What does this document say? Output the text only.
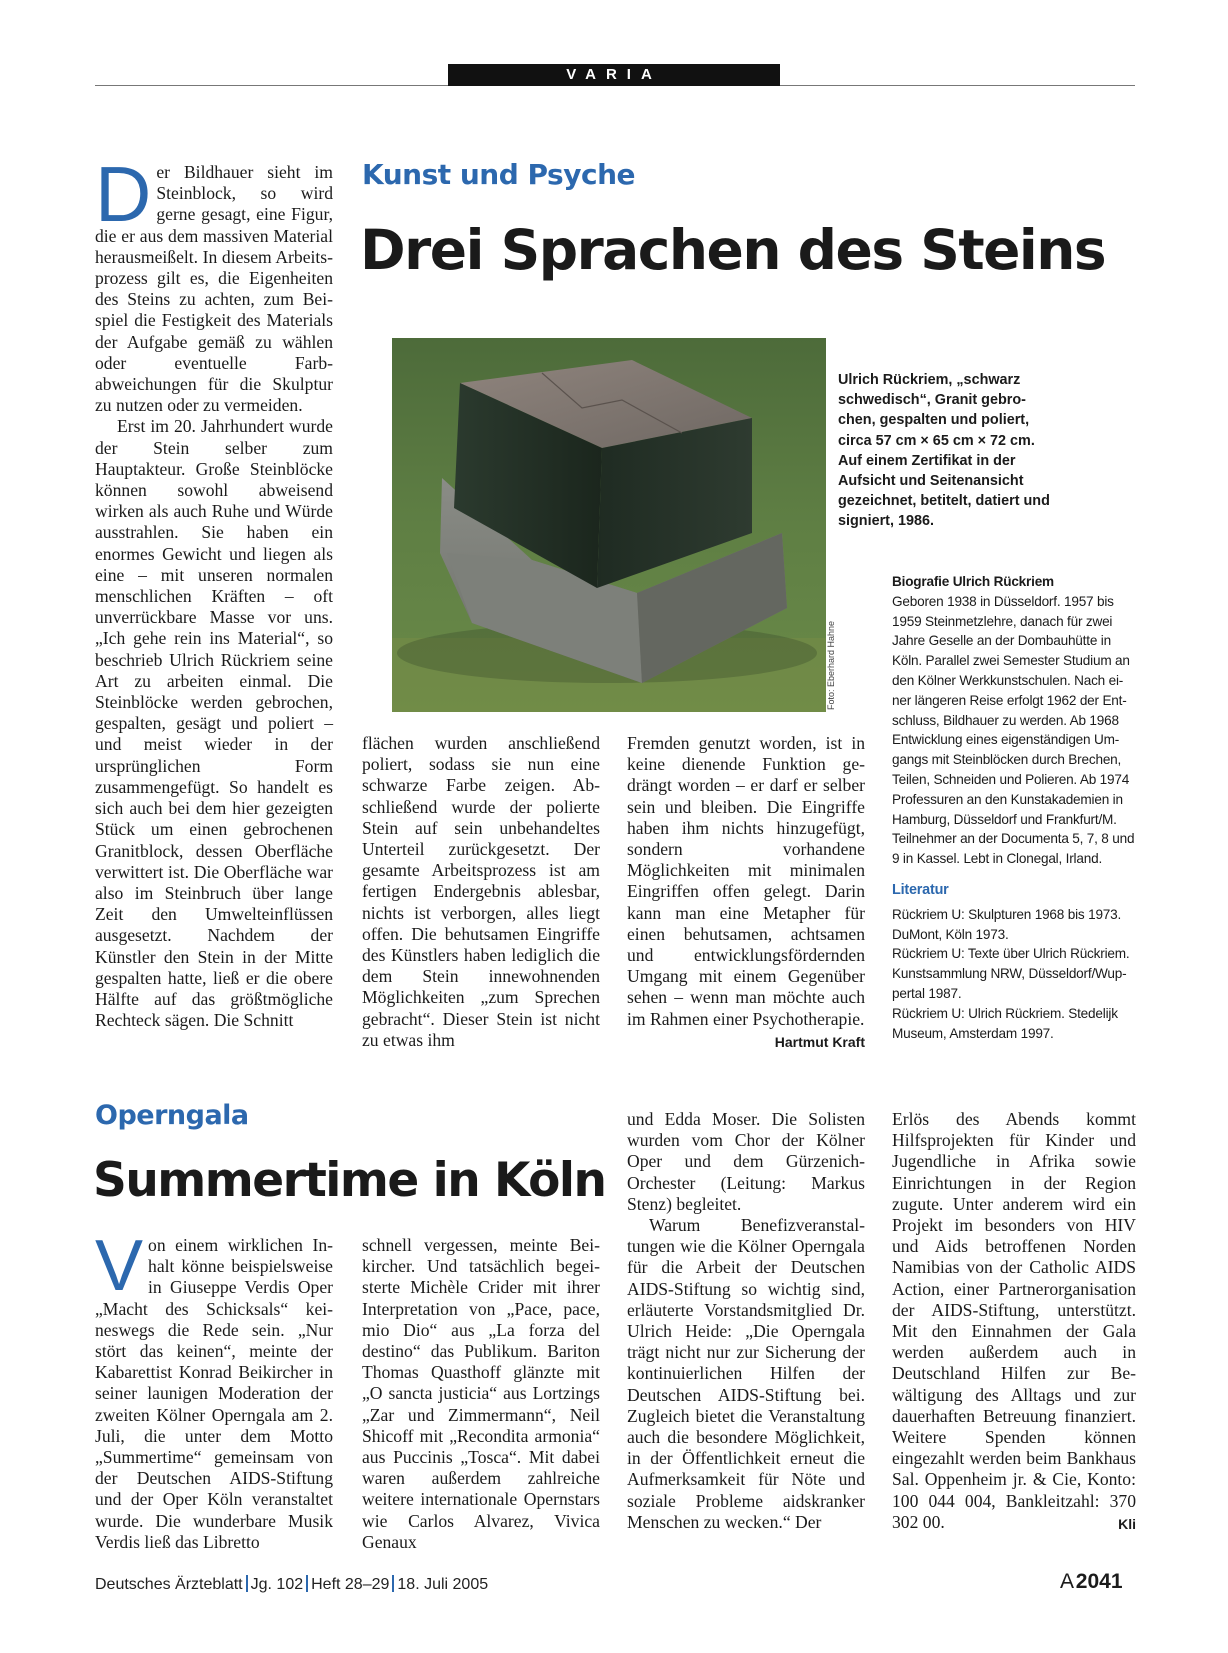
VARIA

Der Bildhauer sieht im Steinblock, so wird gerne gesagt, eine Figur, die er aus dem massiven Material herausmeißelt. In diesem Arbeitsprozess gilt es, die Eigenheiten des Steins zu achten, zum Beispiel die Festigkeit des Materials der Aufgabe gemäß zu wählen oder eventuelle Farbabweichungen für die Skulptur zu nutzen oder zu vermeiden.

Erst im 20. Jahrhundert wurde der Stein selber zum Hauptakteur. Große Steinblöcke können sowohl abweisend wirken als auch Ruhe und Würde ausstrahlen. Sie haben ein enormes Gewicht und liegen als eine – mit unseren normalen menschlichen Kräften – oft unverrückbare Masse vor uns. „Ich gehe rein ins Material“, so beschrieb Ulrich Rückriem seine Art zu arbeiten einmal. Die Steinblöcke werden gebrochen, gespalten, gesägt und poliert – und meist wieder in der ursprünglichen Form zusammengefügt. So handelt es sich auch bei dem hier gezeigten Stück um einen gebrochenen Granitblock, dessen Oberfläche verwittert ist. Die Oberfläche war also im Steinbruch über lange Zeit den Umwelteinflüssen ausgesetzt. Nachdem der Künstler den Stein in der Mitte gespalten hatte, ließ er die obere Hälfte auf das größtmögliche Rechteck sägen. Die Schnitt

Kunst und Psyche
Drei Sprachen des Steins
Foto: Eberhard Hahne
Ulrich Rückriem, „schwarz schwedisch“, Granit gebrochen, gespalten und poliert, circa 57 cm × 65 cm × 72 cm. Auf einem Zertifikat in der Aufsicht und Seitenansicht gezeichnet, betitelt, datiert und signiert, 1986.

flächen wurden anschließend poliert, sodass sie nun eine schwarze Farbe zeigen. Abschließend wurde der polierte Stein auf sein unbehandeltes Unterteil zurückgesetzt. Der gesamte Arbeitsprozess ist am fertigen Endergebnis ablesbar, nichts ist verborgen, alles liegt offen. Die behutsamen Eingriffe des Künstlers haben lediglich die dem Stein innewohnenden Möglichkeiten „zum Sprechen gebracht“. Dieser Stein ist nicht zu etwas ihm

Fremden genutzt worden, ist in keine dienende Funktion gedrängt worden – er darf er selber sein und bleiben. Die Eingriffe haben ihm nichts hinzugefügt, sondern vorhandene Möglichkeiten mit minimalen Eingriffen offen gelegt. Darin kann man eine Metapher für einen behutsamen, achtsamen und entwicklungsfördernden Umgang mit einem Gegenüber sehen – wenn man möchte auch im Rahmen einer Psychotherapie.
Hartmut Kraft

Biografie Ulrich Rückriem
Geboren 1938 in Düsseldorf. 1957 bis 1959 Steinmetzlehre, danach für zwei Jahre Geselle an der Dombauhütte in Köln. Parallel zwei Semester Studium an den Kölner Werkkunstschulen. Nach einer längeren Reise erfolgt 1962 der Entschluss, Bildhauer zu werden. Ab 1968 Entwicklung eines eigenständigen Umgangs mit Steinblöcken durch Brechen, Teilen, Schneiden und Polieren. Ab 1974 Professuren an den Kunstakademien in Hamburg, Düsseldorf und Frankfurt/M. Teilnehmer an der Documenta 5, 7, 8 und 9 in Kassel. Lebt in Clonegal, Irland.
Literatur
Rückriem U: Skulpturen 1968 bis 1973. DuMont, Köln 1973.
Rückriem U: Texte über Ulrich Rückriem. Kunstsammlung NRW, Düsseldorf/Wuppertal 1987.
Rückriem U: Ulrich Rückriem. Stedelijk Museum, Amsterdam 1997.
Operngala
Summertime in Köln

Von einem wirklichen Inhalt könne beispielsweise in Giuseppe Verdis Oper „Macht des Schicksals“ keineswegs die Rede sein. „Nur stört das keinen“, meinte der Kabarettist Konrad Beikircher in seiner launigen Moderation der zweiten Kölner Operngala am 2. Juli, die unter dem Motto „Summertime“ gemeinsam von der Deutschen AIDS-Stiftung und der Oper Köln veranstaltet wurde. Die wunderbare Musik Verdis ließ das Libretto

schnell vergessen, meinte Beikircher. Und tatsächlich begeisterte Michèle Crider mit ihrer Interpretation von „Pace, pace, mio Dio“ aus „La forza del destino“ das Publikum. Bariton Thomas Quasthoff glänzte mit „O sancta justicia“ aus Lortzings „Zar und Zimmermann“, Neil Shicoff mit „Recondita armonia“ aus Puccinis „Tosca“. Mit dabei waren außerdem zahlreiche weitere internationale Opernstars wie Carlos Alvarez, Vivica Genaux

und Edda Moser. Die Solisten wurden vom Chor der Kölner Oper und dem Gürzenich-Orchester (Leitung: Markus Stenz) begleitet.

Warum Benefizveranstaltungen wie die Kölner Operngala für die Arbeit der Deutschen AIDS-Stiftung so wichtig sind, erläuterte Vorstandsmitglied Dr. Ulrich Heide: „Die Operngala trägt nicht nur zur Sicherung der kontinuierlichen Hilfen der Deutschen AIDS-Stiftung bei. Zugleich bietet die Veranstaltung auch die besondere Möglichkeit, in der Öffentlichkeit erneut die Aufmerksamkeit für Nöte und soziale Probleme aidskranker Menschen zu wecken.“ Der

Erlös des Abends kommt Hilfsprojekten für Kinder und Jugendliche in Afrika sowie Einrichtungen in der Region zugute. Unter anderem wird ein Projekt im besonders von HIV und Aids betroffenen Norden Namibias von der Catholic AIDS Action, einer Partnerorganisation der AIDS-Stiftung, unterstützt. Mit den Einnahmen der Gala werden außerdem auch in Deutschland Hilfen zur Bewältigung des Alltags und zur dauerhaften Betreuung finanziert. Weitere Spenden können eingezahlt werden beim Bankhaus Sal. Oppenheim jr. & Cie, Konto: 100 044 004, Bankleitzahl: 370 302 00.	Kli

Deutsches Ärzteblatt Jg. 102 Heft 28–29 18. Juli 2005	A 2041
